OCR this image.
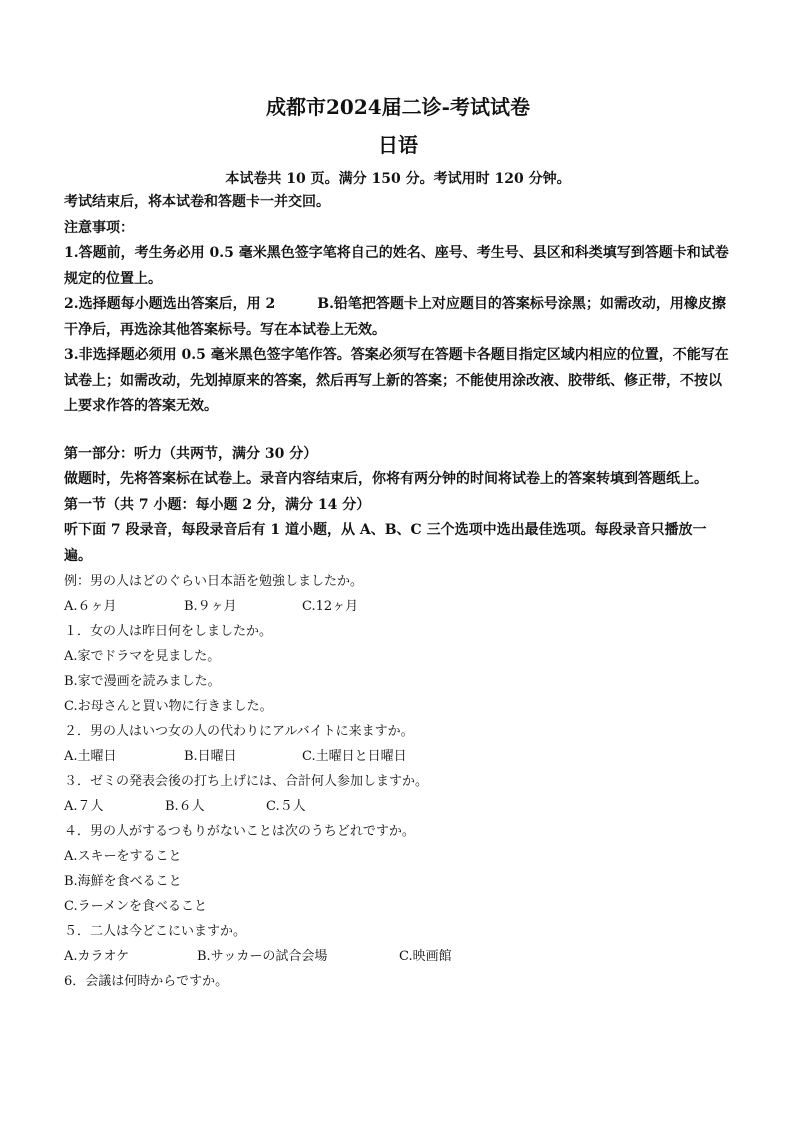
成都市2024届二诊-考试试卷

日语

本试卷共 10 页。满分 150 分。考试用时 120 分钟。

考试结束后，将本试卷和答题卡一并交回。

注意事项：

1.答题前，考生务必用 0.5 毫米黑色签字笔将自己的姓名、座号、考生号、县区和科类填写到答题卡和试卷规定的位置上。

2.选择题每小题选出答案后，用 2　　　B.铅笔把答题卡上对应题目的答案标号涂黑；如需改动，用橡皮擦干净后，再选涂其他答案标号。写在本试卷上无效。

3.非选择题必须用 0.5 毫米黑色签字笔作答。答案必须写在答题卡各题目指定区域内相应的位置，不能写在试卷上；如需改动，先划掉原来的答案，然后再写上新的答案；不能使用涂改液、胶带纸、修正带，不按以上要求作答的答案无效。

第一部分：听力（共两节，满分 30 分）

做题时，先将答案标在试卷上。录音内容结束后，你将有两分钟的时间将试卷上的答案转填到答题纸上。

第一节（共 7 小题：每小题 2 分，满分 14 分）

听下面 7 段录音，每段录音后有 1 道小题，从 A、B、C 三个选项中选出最佳选项。每段录音只播放一遍。

例：男の人はどのぐらい日本語を勉強しましたか。

A.６ヶ月	B.９ヶ月	C.12ヶ月

１．女の人は昨日何をしましたか。

A.家でドラマを見ました。

B.家で漫画を読みました。

C.お母さんと買い物に行きました。

２．男の人はいつ女の人の代わりにアルバイトに来ますか。

A.土曜日	B.日曜日	C.土曜日と日曜日

３．ゼミの発表会後の打ち上げには、合計何人参加しますか。

A.７人	B.６人	C.５人

４．男の人がするつもりがないことは次のうちどれですか。

A.スキーをすること

B.海鮮を食べること

C.ラーメンを食べること

５．二人は今どこにいますか。

A.カラオケ	B.サッカーの試合会場	C.映画館

6．会議は何時からですか。
